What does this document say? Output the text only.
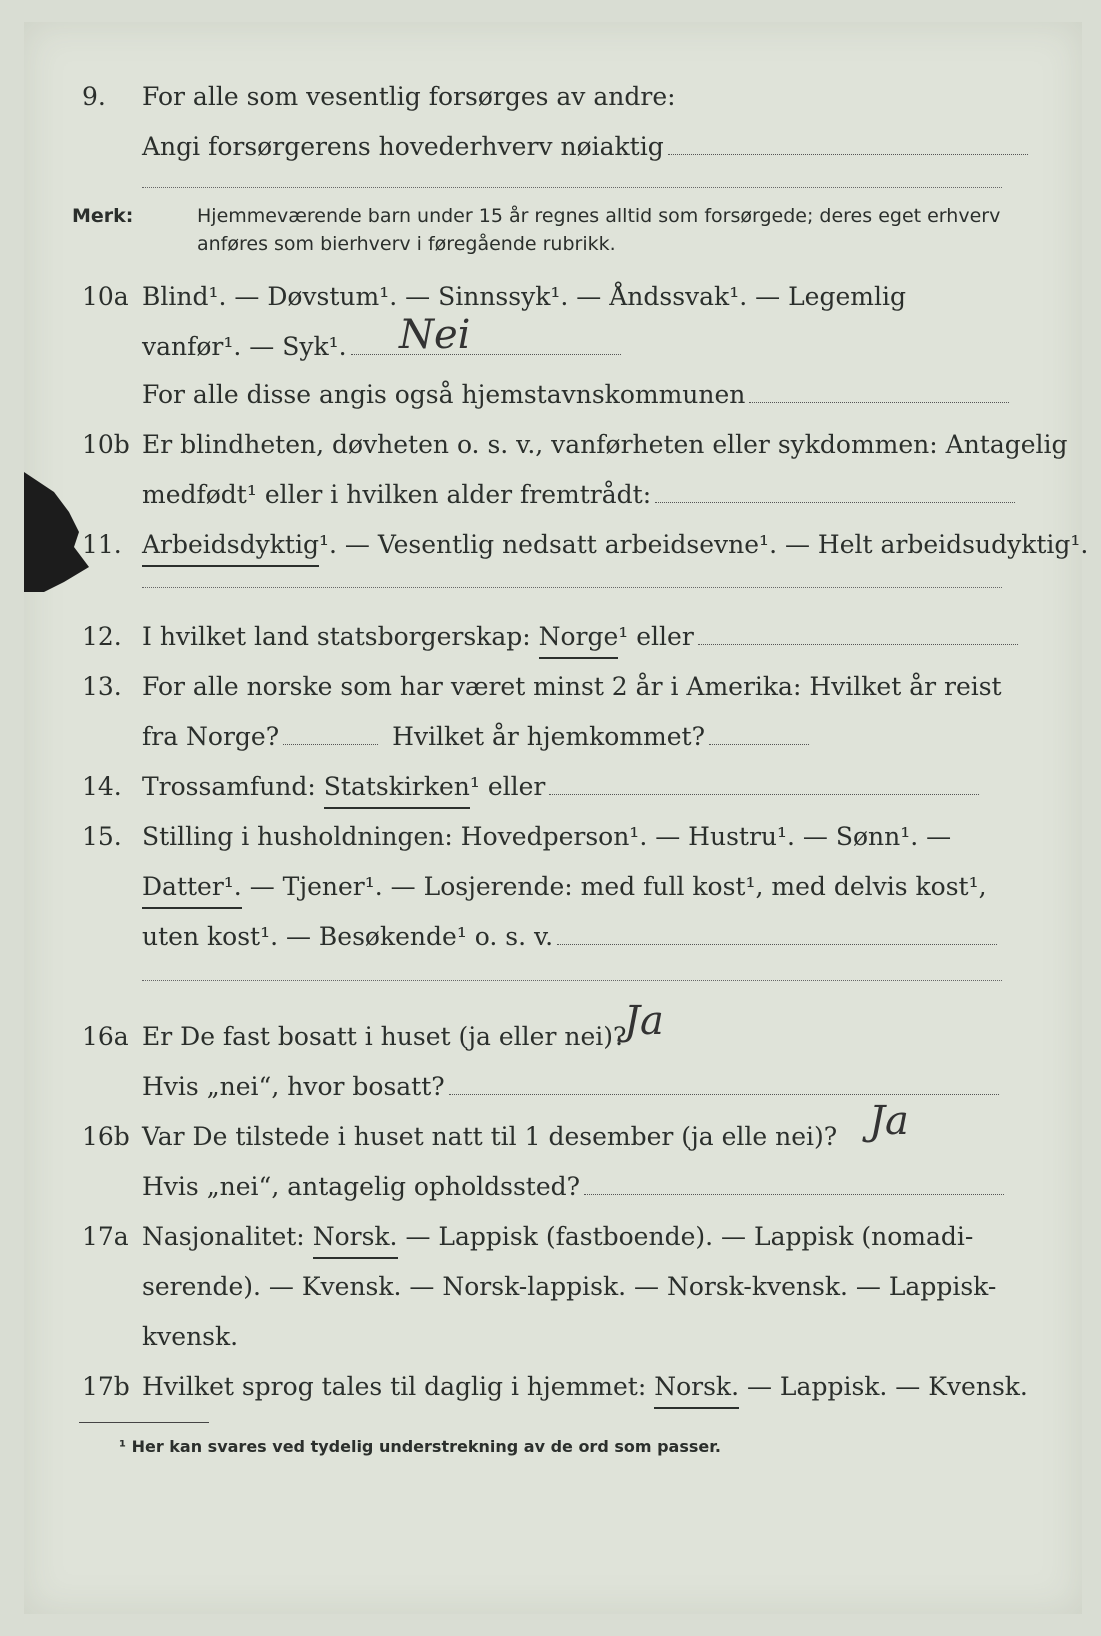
9. For alle som vesentlig forsørges av andre:
Angi forsørgerens hovederhverv nøiaktig
Merk:	Hjemmeværende barn under 15 år regnes alltid som forsørgede; deres eget erhverv anføres som bierhverv i føregående rubrikk.
10a Blind¹. — Døvstum¹. — Sinnssyk¹. — Åndssvak¹. — Legemlig
vanfør¹. — Syk¹. Nei
For alle disse angis også hjemstavnskommunen
10b Er blindheten, døvheten o. s. v., vanførheten eller sykdommen: Antagelig
medfødt¹ eller i hvilken alder fremtrådt:
11. Arbeidsdyktig ¹. — Vesentlig nedsatt arbeidsevne¹. — Helt arbeidsudyktig¹.
12. I hvilket land statsborgerskap:
Norge ¹ eller
13. For alle norske som har været minst 2 år i Amerika: Hvilket år reist
fra Norge?	Hvilket år hjemkommet?
14. Trossamfund:
Statskirken ¹ eller
15. Stilling i husholdningen: Hovedperson¹. — Hustru¹. — Sønn¹. —
Datter¹.
— Tjener¹. — Losjerende: med full kost¹, med delvis kost¹,
uten kost¹. — Besøkende¹ o. s. v.
16a Er De fast bosatt i huset (ja eller nei)?
Ja
Hvis „nei“, hvor bosatt?
16b Var De tilstede i huset natt til 1 desember (ja elle nei)? Ja
Hvis „nei“, antagelig opholdssted?
17a Nasjonalitet:
Norsk.
— Lappisk (fastboende). — Lappisk (nomadi-
serende). — Kvensk. — Norsk-lappisk. — Norsk-kvensk. — Lappisk-
kvensk.
17b Hvilket sprog tales til daglig i hjemmet:
Norsk.
— Lappisk. — Kvensk.
¹ Her kan svares ved tydelig understrekning av de ord som passer.
